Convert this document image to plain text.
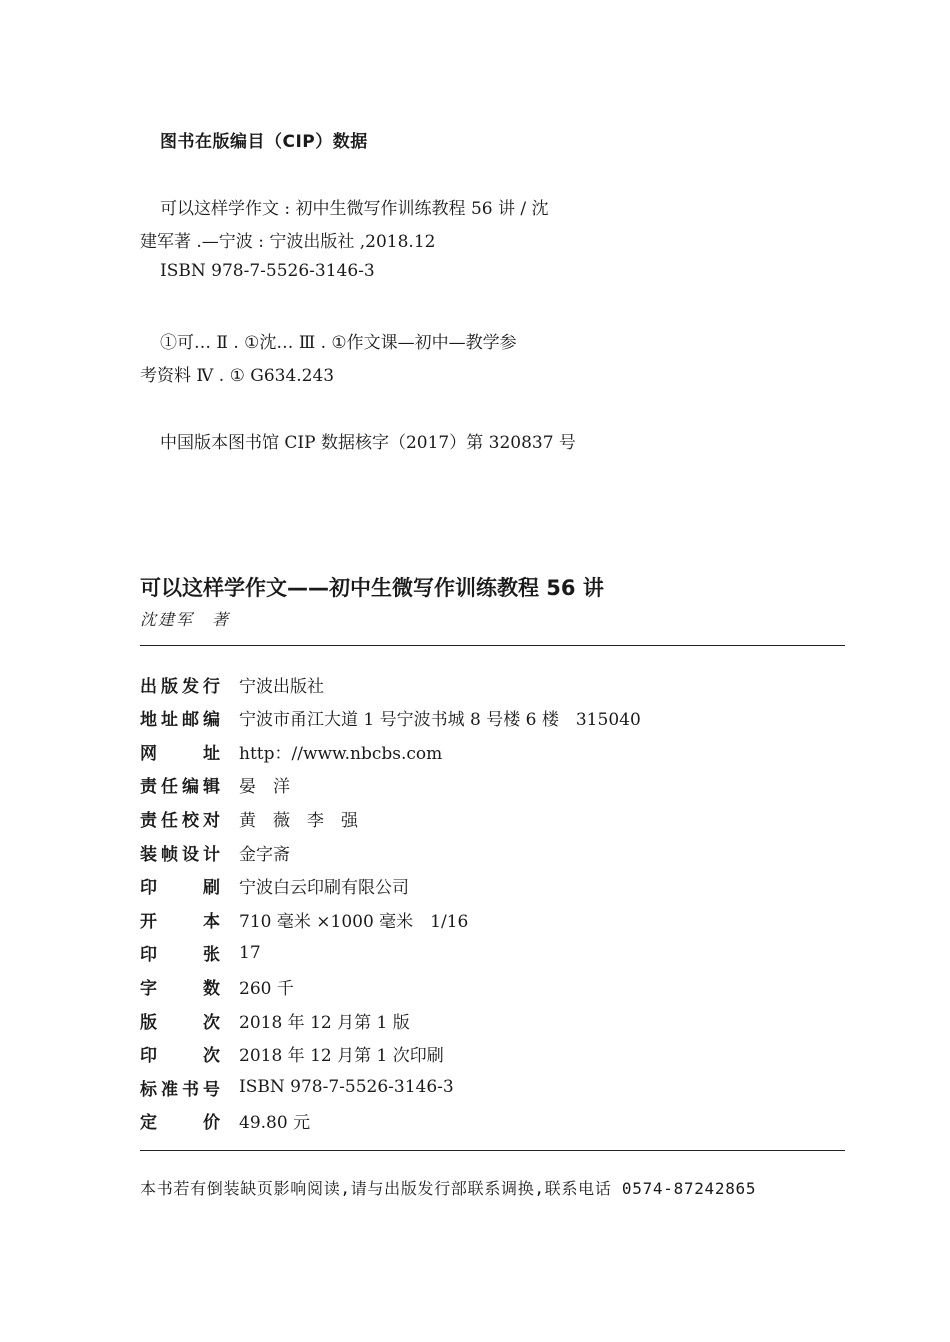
图书在版编目（CIP）数据
可以这样学作文 : 初中生微写作训练教程 56 讲 / 沈
建军著 .—宁波 : 宁波出版社 ,2018.12
ISBN 978-7-5526-3146-3
①可… Ⅱ . ①沈… Ⅲ . ①作文课—初中—教学参
考资料 Ⅳ . ① G634.243
中国版本图书馆 CIP 数据核字（2017）第 320837 号
可以这样学作文——初中生微写作训练教程 56 讲
沈建军　著
出 版 发 行 宁波出版社
地 址 邮 编 宁波市甬江大道 1 号宁波书城 8 号楼 6 楼　315040
网	址 http：//www.nbcbs.com
责 任 编 辑 晏　洋
责 任 校 对 黄　薇　李　强
装 帧 设 计 金字斋
印	刷 宁波白云印刷有限公司
开	本 710 毫米 ×1000 毫米　1/16
印	张 17
字	数 260 千
版	次 2018 年 12 月第 1 版
印	次 2018 年 12 月第 1 次印刷
标 准 书 号 ISBN 978-7-5526-3146-3
定	价 49.80 元
本书若有倒装缺页影响阅读,请与出版发行部联系调换,联系电话 0574-87242865
